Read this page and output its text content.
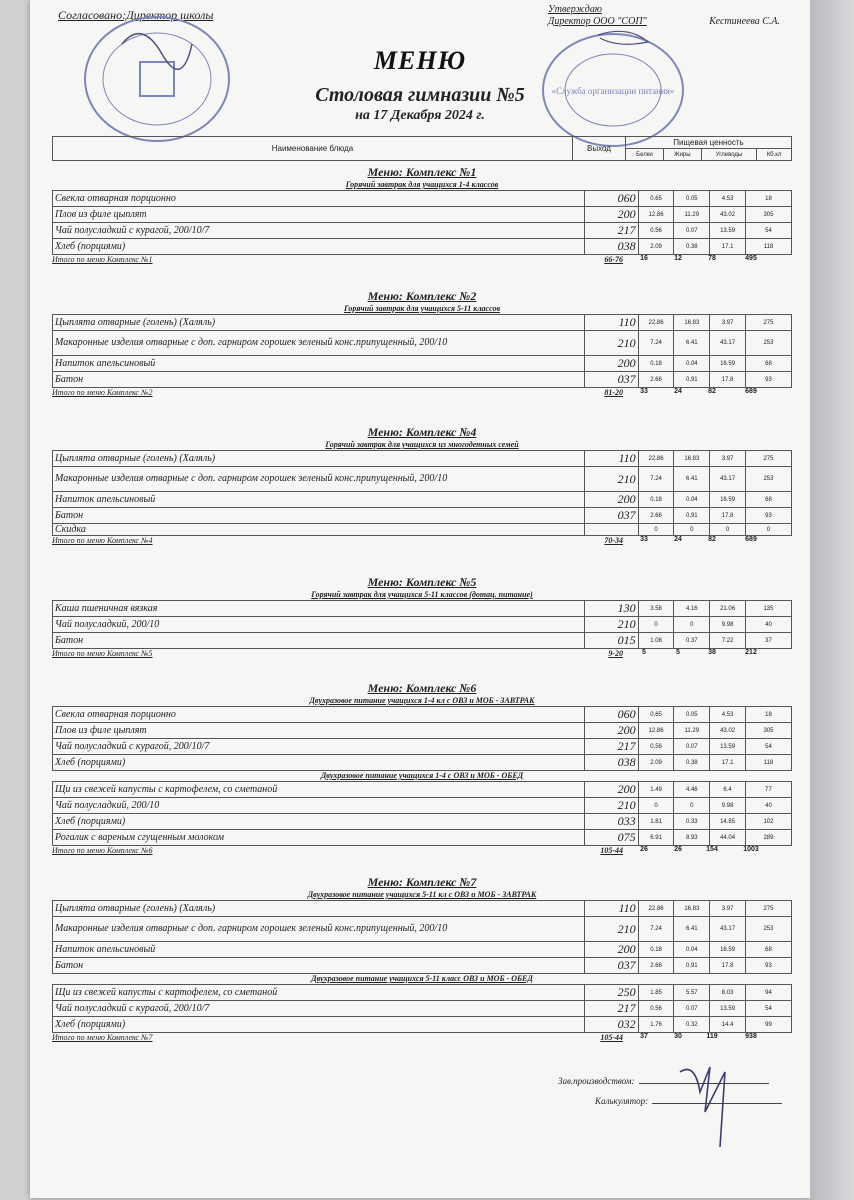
Согласовано:Директор школы	Утверждаю
Директор ООО "СОП"	Кестинеева С.А.
«Служба организации питания»
МЕНЮ
Столовая гимназии №5
на 17 Декабря 2024 г.
Наименование блюда	Выход	Пищевая ценность			
		Белки	Жиры	Углеводы	Кб.кл
Меню: Комплекс №1
Горячий завтрак для учащихся 1-4 классов
Свекла отварная порционно	060	0.65	0.05	4.53	18
Плов из филе цыплят	200	12.86	11.29	43.02	305
Чай полусладкий с курагой, 200/10/7	217	0.56	0.07	13.59	54
Хлеб (порциями)	038	2.09	0.38	17.1	118
Итого по меню Комплекс №1	66-76	16	12	78	495
Меню: Комплекс №2
Горячий завтрак для учащихся 5-11 классов
Цыплята отварные (голень) (Халяль)	110	22.86	16.83	3.97	275
Макаронные изделия отварные с доп. гарниром горошек зеленый конс.припущенный, 200/10	210	7.24	6.41	43.17	253
Напиток апельсиновый	200	0.18	0.04	16.59	68
Батон	037	2.66	0.91	17.8	93
Итого по меню Комплекс №2	81-20	33	24	82	689
Меню: Комплекс №4
Горячий завтрак для учащихся из многодетных семей
Цыплята отварные (голень) (Халяль)	110	22.86	16.83	3.97	275
Макаронные изделия отварные с доп. гарниром горошек зеленый конс.припущенный, 200/10	210	7.24	6.41	43.17	253
Напиток апельсиновый	200	0.18	0.04	16.59	68
Батон	037	2.66	0.91	17.8	93
Скидка		0	0	0	0
Итого по меню Комплекс №4	70-34	33	24	82	689
Меню: Комплекс №5
Горячий завтрак для учащихся 5-11 классов (дотац. питание)
Каша пшеничная вязкая	130	3.58	4.16	21.06	135
Чай полусладкий, 200/10	210	0	0	9.98	40
Батон	015	1.08	0.37	7.22	37
Итого по меню Комплекс №5	9-20	5	5	38	212
Меню: Комплекс №6
Двухразовое питание учащихся 1-4 кл с ОВЗ и МОБ - ЗАВТРАК
Свекла отварная порционно	060	0.65	0.05	4.53	18
Плов из филе цыплят	200	12.86	11.29	43.02	305
Чай полусладкий с курагой, 200/10/7	217	0.56	0.07	13.59	54
Хлеб (порциями)	038	2.09	0.38	17.1	118
Двухразовое питание учащихся 1-4 с ОВЗ и МОБ - ОБЕД
Щи из свежей капусты с картофелем, со сметаной	200	1.49	4.46	6.4	77
Чай полусладкий, 200/10	210	0	0	9.98	40
Хлеб (порциями)	033	1.81	0.33	14.85	102
Рогалик с вареным сгущенным молоком	075	6.91	8.93	44.04	289
Итого по меню Комплекс №6	105-44	26	26	154	1003
Меню: Комплекс №7
Двухразовое питание учащихся 5-11 кл с ОВЗ и МОБ - ЗАВТРАК
Цыплята отварные (голень) (Халяль)	110	22.86	16.83	3.97	275
Макаронные изделия отварные с доп. гарниром горошек зеленый конс.припущенный, 200/10	210	7.24	6.41	43.17	253
Напиток апельсиновый	200	0.18	0.04	16.59	68
Батон	037	2.66	0.91	17.8	93
Двухразовое питание учащихся 5-11 класс ОВЗ и МОБ - ОБЕД
Щи из свежей капусты с картофелем, со сметаной	250	1.85	5.57	8.03	94
Чай полусладкий с курагой, 200/10/7	217	0.56	0.07	13.59	54
Хлеб (порциями)	032	1.76	0.32	14.4	99
Итого по меню Комплекс №7	105-44	37	30	119	938
Зав.производством:
Калькулятор:
